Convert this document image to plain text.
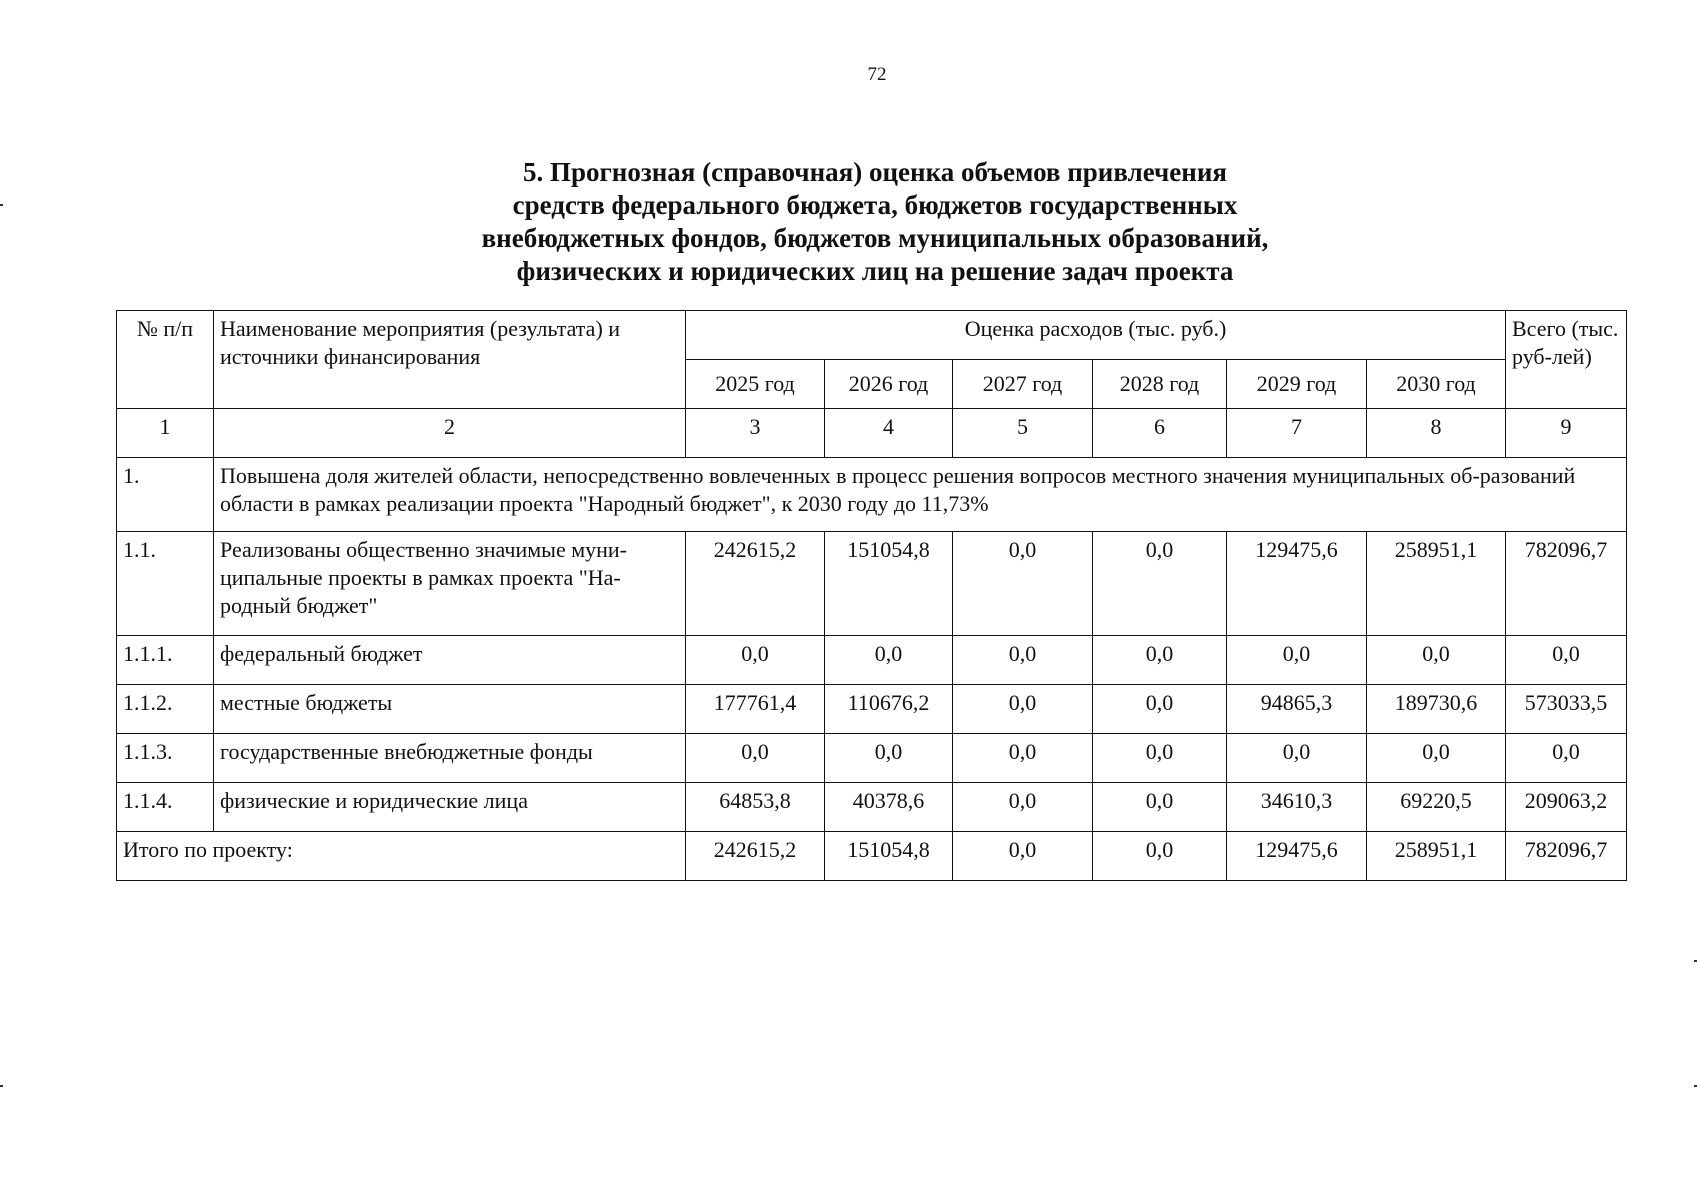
72
5. Прогнозная (справочная) оценка объемов привлечения
средств федерального бюджета, бюджетов государственных
внебюджетных фондов, бюджетов муниципальных образований,
физических и юридических лиц на решение задач проекта
№ п/п	Наименование мероприятия (результата) и источники финансирования	Оценка расходов (тыс. руб.)						Всего (тыс. руб-лей)
		2025 год	2026 год	2027 год	2028 год	2029 год	2030 год	
1	2	3	4	5	6	7	8	9
1.	Повышена доля жителей области, непосредственно вовлеченных в процесс решения вопросов местного значения муниципальных об-разований области в рамках реализации проекта "Народный бюджет", к 2030 году до 11,73%							
1.1.	Реализованы общественно значимые муни-ципальные проекты в рамках проекта "На-родный бюджет"	242615,2	151054,8	0,0	0,0	129475,6	258951,1	782096,7
1.1.1.	федеральный бюджет	0,0	0,0	0,0	0,0	0,0	0,0	0,0
1.1.2.	местные бюджеты	177761,4	110676,2	0,0	0,0	94865,3	189730,6	573033,5
1.1.3.	государственные внебюджетные фонды	0,0	0,0	0,0	0,0	0,0	0,0	0,0
1.1.4.	физические и юридические лица	64853,8	40378,6	0,0	0,0	34610,3	69220,5	209063,2
Итого по проекту:		242615,2	151054,8	0,0	0,0	129475,6	258951,1	782096,7
